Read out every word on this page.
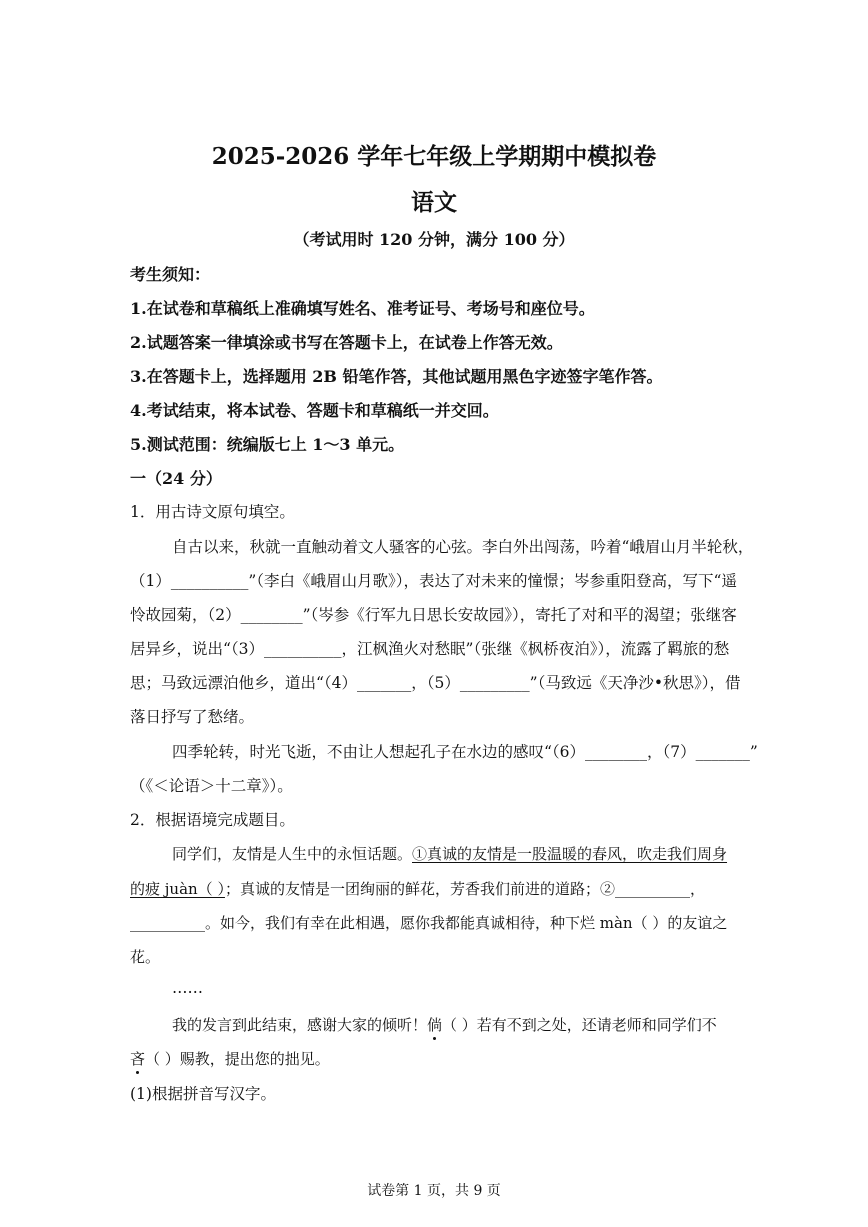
2025-2026 学年七年级上学期期中模拟卷
语文
（考试用时 120 分钟，满分 100 分）
考生须知：
1.在试卷和草稿纸上准确填写姓名、准考证号、考场号和座位号。
2.试题答案一律填涂或书写在答题卡上，在试卷上作答无效。
3.在答题卡上，选择题用 2B 铅笔作答，其他试题用黑色字迹签字笔作答。
4.考试结束，将本试卷、答题卡和草稿纸一并交回。
5.测试范围：统编版七上 1～3 单元。
一（24 分）
1．用古诗文原句填空。
自古以来，秋就一直触动着文人骚客的心弦。李白外出闯荡，吟着“峨眉山月半轮秋，
（1）__________”（李白《峨眉山月歌》），表达了对未来的憧憬；岑参重阳登高，写下“遥
怜故园菊，（2）________”（岑参《行军九日思长安故园》），寄托了对和平的渴望；张继客
居异乡，说出“（3）__________，江枫渔火对愁眠”（张继《枫桥夜泊》），流露了羁旅的愁
思；马致远漂泊他乡，道出“（4）_______，（5）_________”（马致远《天净沙•秋思》），借
落日抒写了愁绪。
四季轮转，时光飞逝，不由让人想起孔子在水边的感叹“（6）________，（7）_______”
（《＜论语＞十二章》）。
2．根据语境完成题目。
同学们，友情是人生中的永恒话题。①真诚的友情是一股温暖的春风，吹走我们周身
的疲 juàn（ ）；真诚的友情是一团绚丽的鲜花，芳香我们前进的道路；②__________，
__________。如今，我们有幸在此相遇，愿你我都能真诚相待，种下烂 màn（ ）的友谊之
花。
……
我的发言到此结束，感谢大家的倾听！倘（ ）若有不到之处，还请老师和同学们不
吝（ ）赐教，提出您的拙见。
(1)根据拼音写汉字。
试卷第 1 页，共 9 页
